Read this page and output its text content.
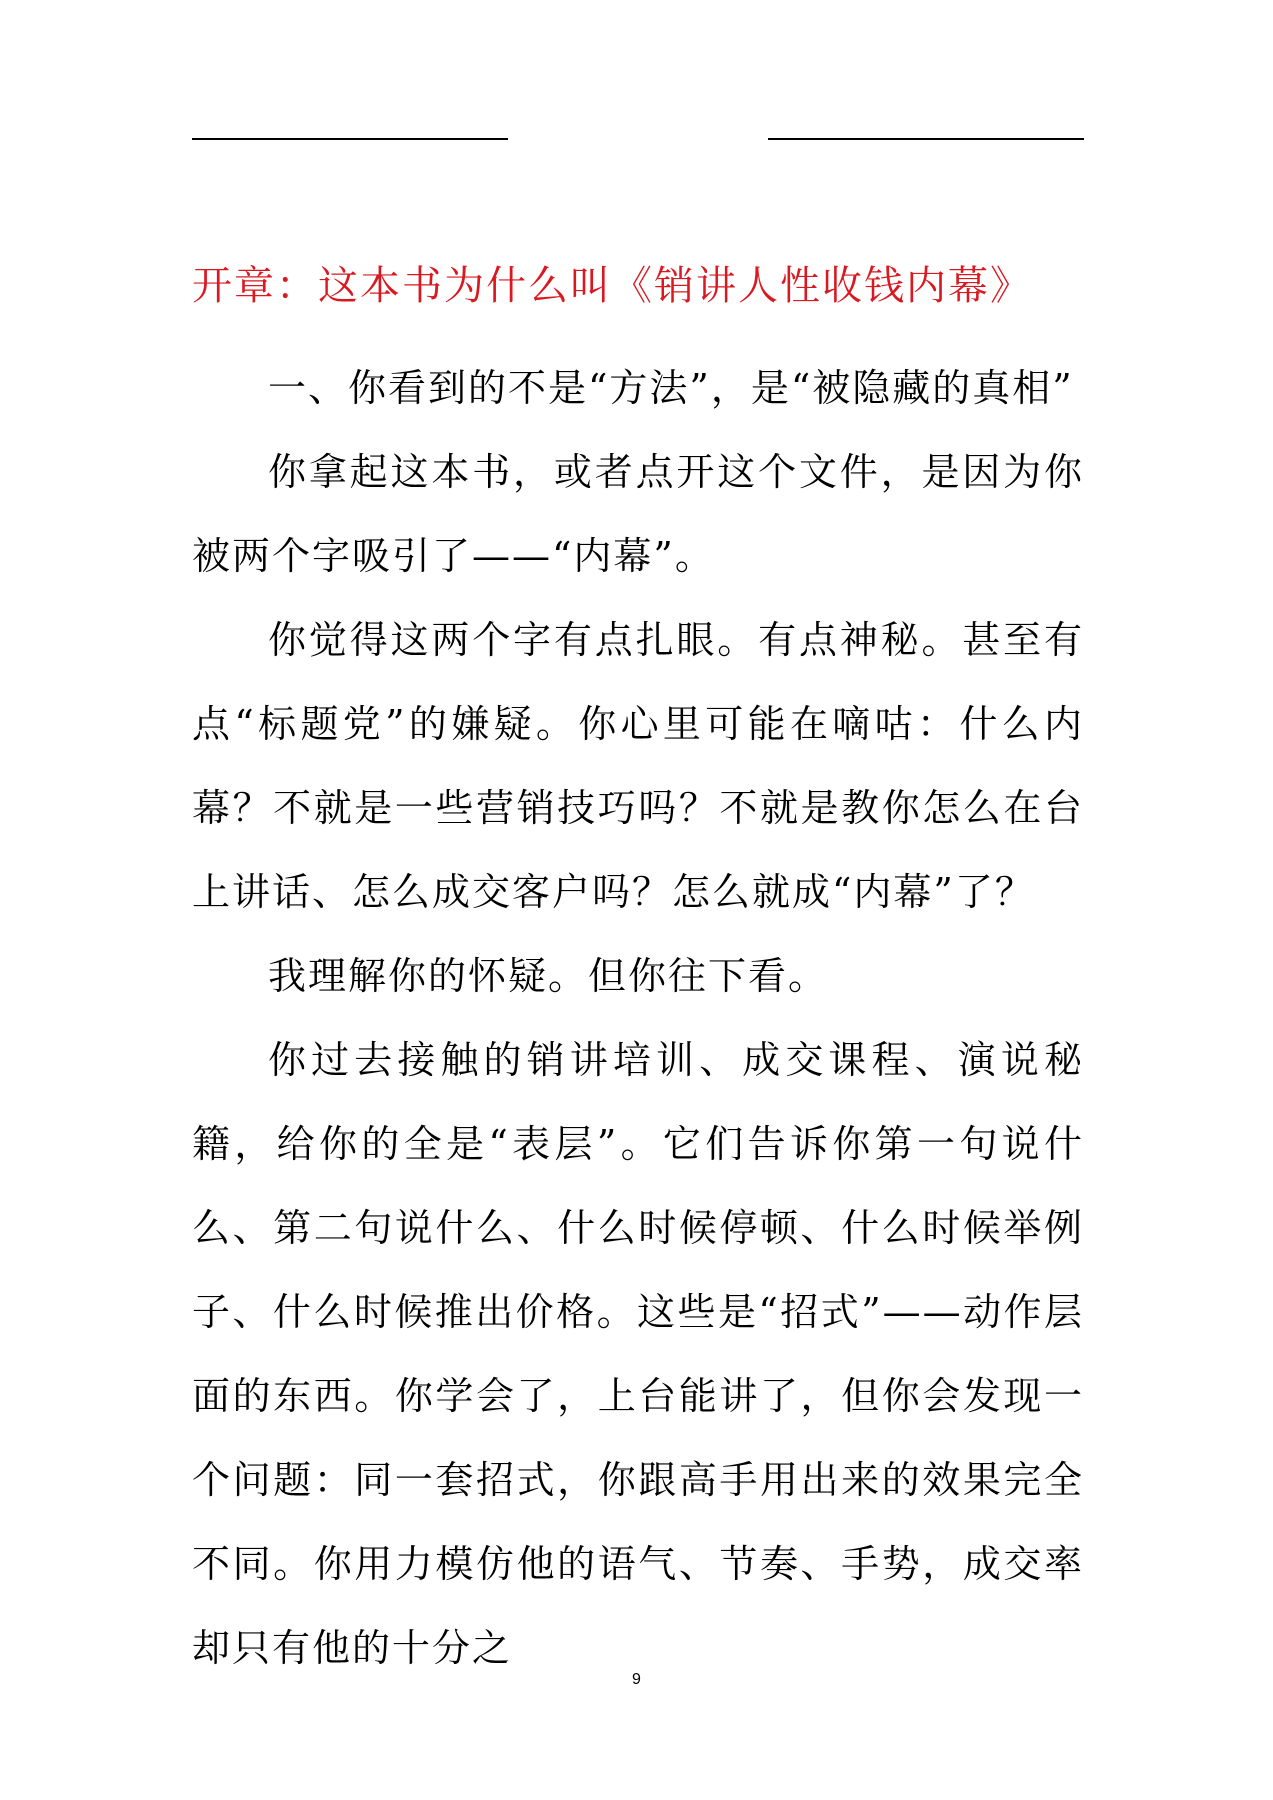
开章：这本书为什么叫《销讲人性收钱内幕》

一、你看到的不是“方法”，是“被隐藏的真相”

你拿起这本书，或者点开这个文件，是因为你被两个字吸引了——“内幕”。

你觉得这两个字有点扎眼。有点神秘。甚至有点“标题党”的嫌疑。你心里可能在嘀咕：什么内幕？不就是一些营销技巧吗？不就是教你怎么在台上讲话、怎么成交客户吗？怎么就成“内幕”了？

我理解你的怀疑。但你往下看。

你过去接触的销讲培训、成交课程、演说秘籍，给你的全是“表层”。它们告诉你第一句说什么、第二句说什么、什么时候停顿、什么时候举例子、什么时候推出价格。这些是“招式”——动作层面的东西。你学会了，上台能讲了，但你会发现一个问题：同一套招式，你跟高手用出来的效果完全不同。你用力模仿他的语气、节奏、手势，成交率却只有他的十分之

9
